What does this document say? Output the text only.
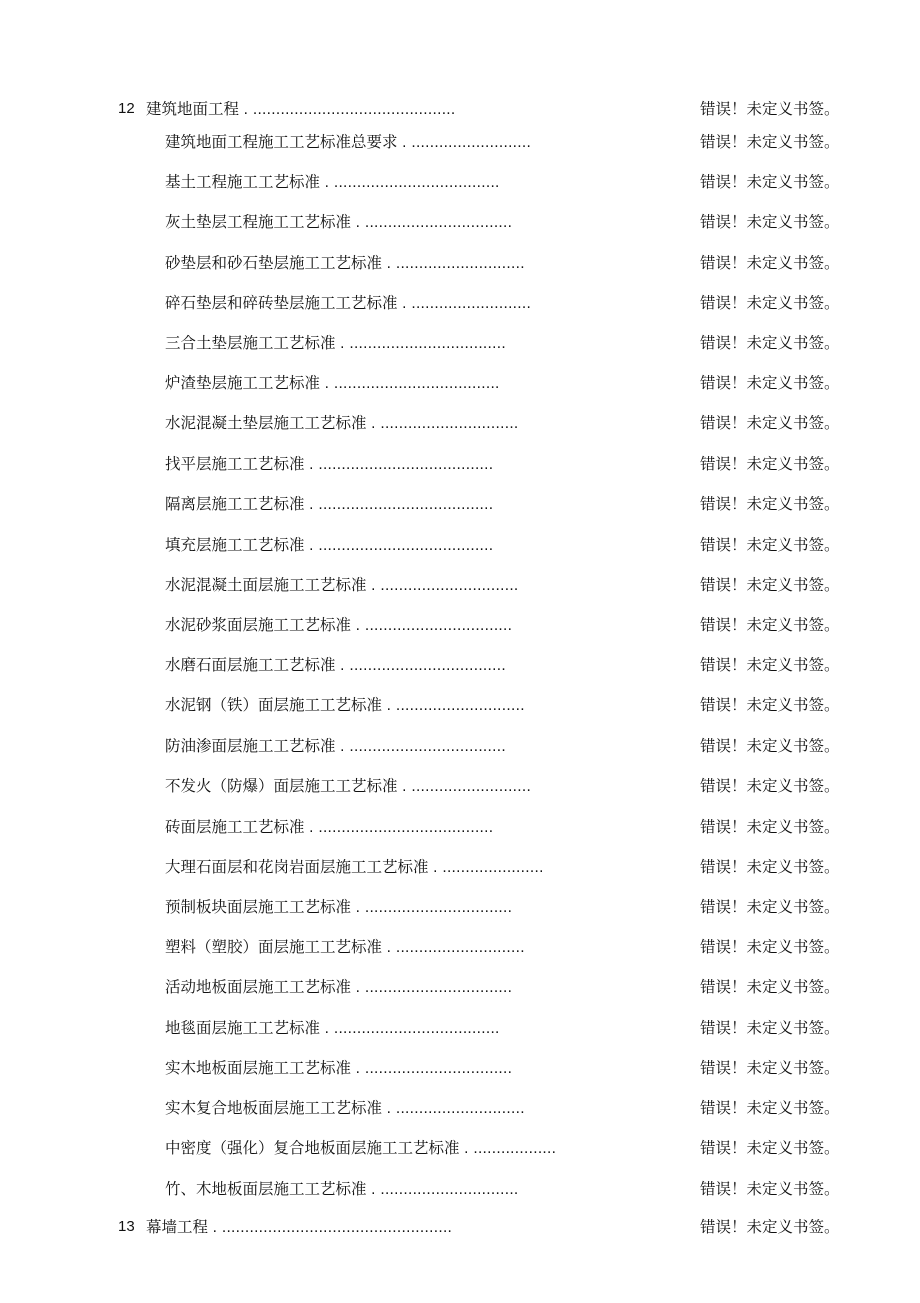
12 建筑地面工程 . ............................................	错误！未定义书签。
建筑地面工程施工工艺标准总要求 . ..........................	错误！未定义书签。
基土工程施工工艺标准 . ....................................	错误！未定义书签。
灰土垫层工程施工工艺标准 . ................................	错误！未定义书签。
砂垫层和砂石垫层施工工艺标准 . ............................	错误！未定义书签。
碎石垫层和碎砖垫层施工工艺标准 . ..........................	错误！未定义书签。
三合土垫层施工工艺标准 . ..................................	错误！未定义书签。
炉渣垫层施工工艺标准 . ....................................	错误！未定义书签。
水泥混凝土垫层施工工艺标准 . ..............................	错误！未定义书签。
找平层施工工艺标准 . ......................................	错误！未定义书签。
隔离层施工工艺标准 . ......................................	错误！未定义书签。
填充层施工工艺标准 . ......................................	错误！未定义书签。
水泥混凝土面层施工工艺标准 . ..............................	错误！未定义书签。
水泥砂浆面层施工工艺标准 . ................................	错误！未定义书签。
水磨石面层施工工艺标准 . ..................................	错误！未定义书签。
水泥钢（铁）面层施工工艺标准 . ............................	错误！未定义书签。
防油渗面层施工工艺标准 . ..................................	错误！未定义书签。
不发火（防爆）面层施工工艺标准 . ..........................	错误！未定义书签。
砖面层施工工艺标准 . ......................................	错误！未定义书签。
大理石面层和花岗岩面层施工工艺标准 . ......................	错误！未定义书签。
预制板块面层施工工艺标准 . ................................	错误！未定义书签。
塑料（塑胶）面层施工工艺标准 . ............................	错误！未定义书签。
活动地板面层施工工艺标准 . ................................	错误！未定义书签。
地毯面层施工工艺标准 . ....................................	错误！未定义书签。
实木地板面层施工工艺标准 . ................................	错误！未定义书签。
实木复合地板面层施工工艺标准 . ............................	错误！未定义书签。
中密度（强化）复合地板面层施工工艺标准 . ..................	错误！未定义书签。
竹、木地板面层施工工艺标准 . ..............................	错误！未定义书签。
13 幕墙工程 . ..................................................	错误！未定义书签。
